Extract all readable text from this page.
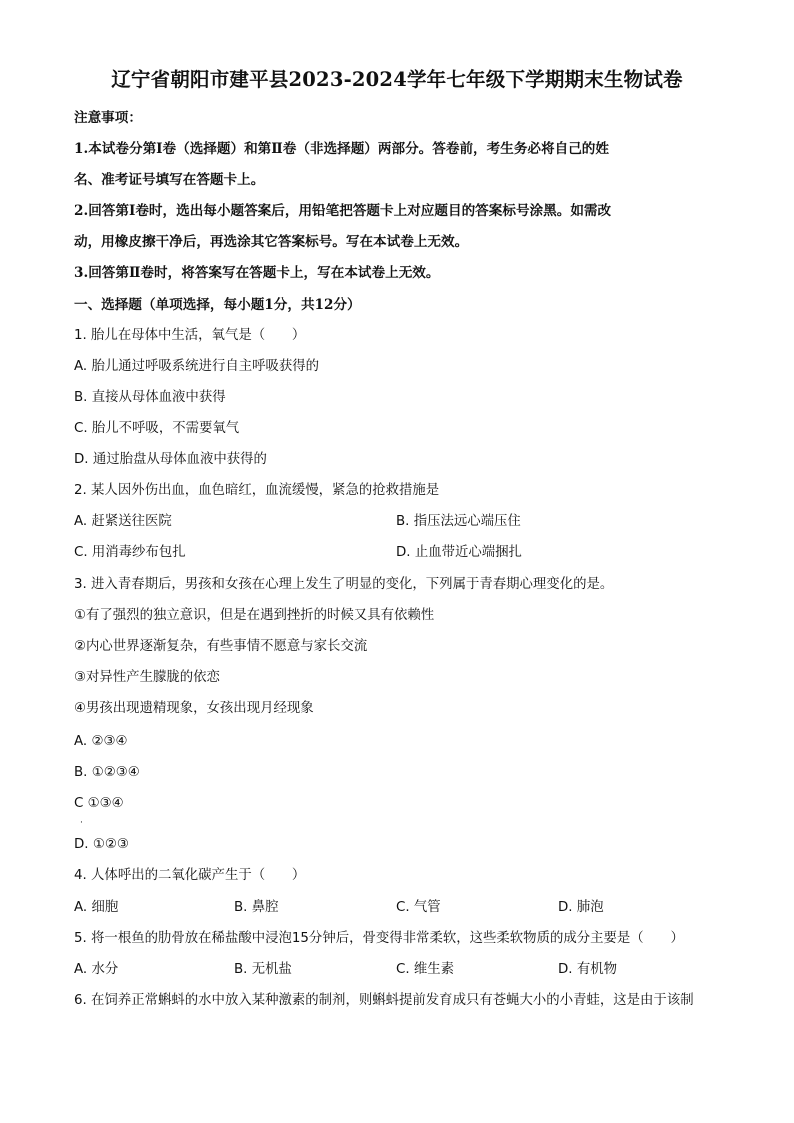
辽宁省朝阳市建平县2023-2024学年七年级下学期期末生物试卷
注意事项：
1.本试卷分第Ⅰ卷（选择题）和第Ⅱ卷（非选择题）两部分。答卷前，考生务必将自己的姓
名、准考证号填写在答题卡上。
2.回答第Ⅰ卷时，选出每小题答案后，用铅笔把答题卡上对应题目的答案标号涂黑。如需改
动，用橡皮擦干净后，再选涂其它答案标号。写在本试卷上无效。
3.回答第Ⅱ卷时，将答案写在答题卡上，写在本试卷上无效。
一、选择题（单项选择，每小题1分，共12分）
1. 胎儿在母体中生活，氧气是（　　）
A. 胎儿通过呼吸系统进行自主呼吸获得的
B. 直接从母体血液中获得
C. 胎儿不呼吸，不需要氧气
D. 通过胎盘从母体血液中获得的
2. 某人因外伤出血，血色暗红，血流缓慢，紧急的抢救措施是
A. 赶紧送往医院	B. 指压法远心端压住
C. 用消毒纱布包扎	D. 止血带近心端捆扎
3. 进入青春期后，男孩和女孩在心理上发生了明显的变化，下列属于青春期心理变化的是。
①有了强烈的独立意识，但是在遇到挫折的时候又具有依赖性
②内心世界逐渐复杂，有些事情不愿意与家长交流
③对异性产生朦胧的依恋
④男孩出现遗精现象，女孩出现月经现象
A. ②③④
B. ①②③④
C ①③④
·
D. ①②③
4. 人体呼出的二氧化碳产生于（　　）
A. 细胞	B. 鼻腔	C. 气管	D. 肺泡
5. 将一根鱼的肋骨放在稀盐酸中浸泡15分钟后，骨变得非常柔软，这些柔软物质的成分主要是（　　）
A. 水分	B. 无机盐	C. 维生素	D. 有机物
6. 在饲养正常蝌蚪的水中放入某种激素的制剂，则蝌蚪提前发育成只有苍蝇大小的小青蛙，这是由于该制
